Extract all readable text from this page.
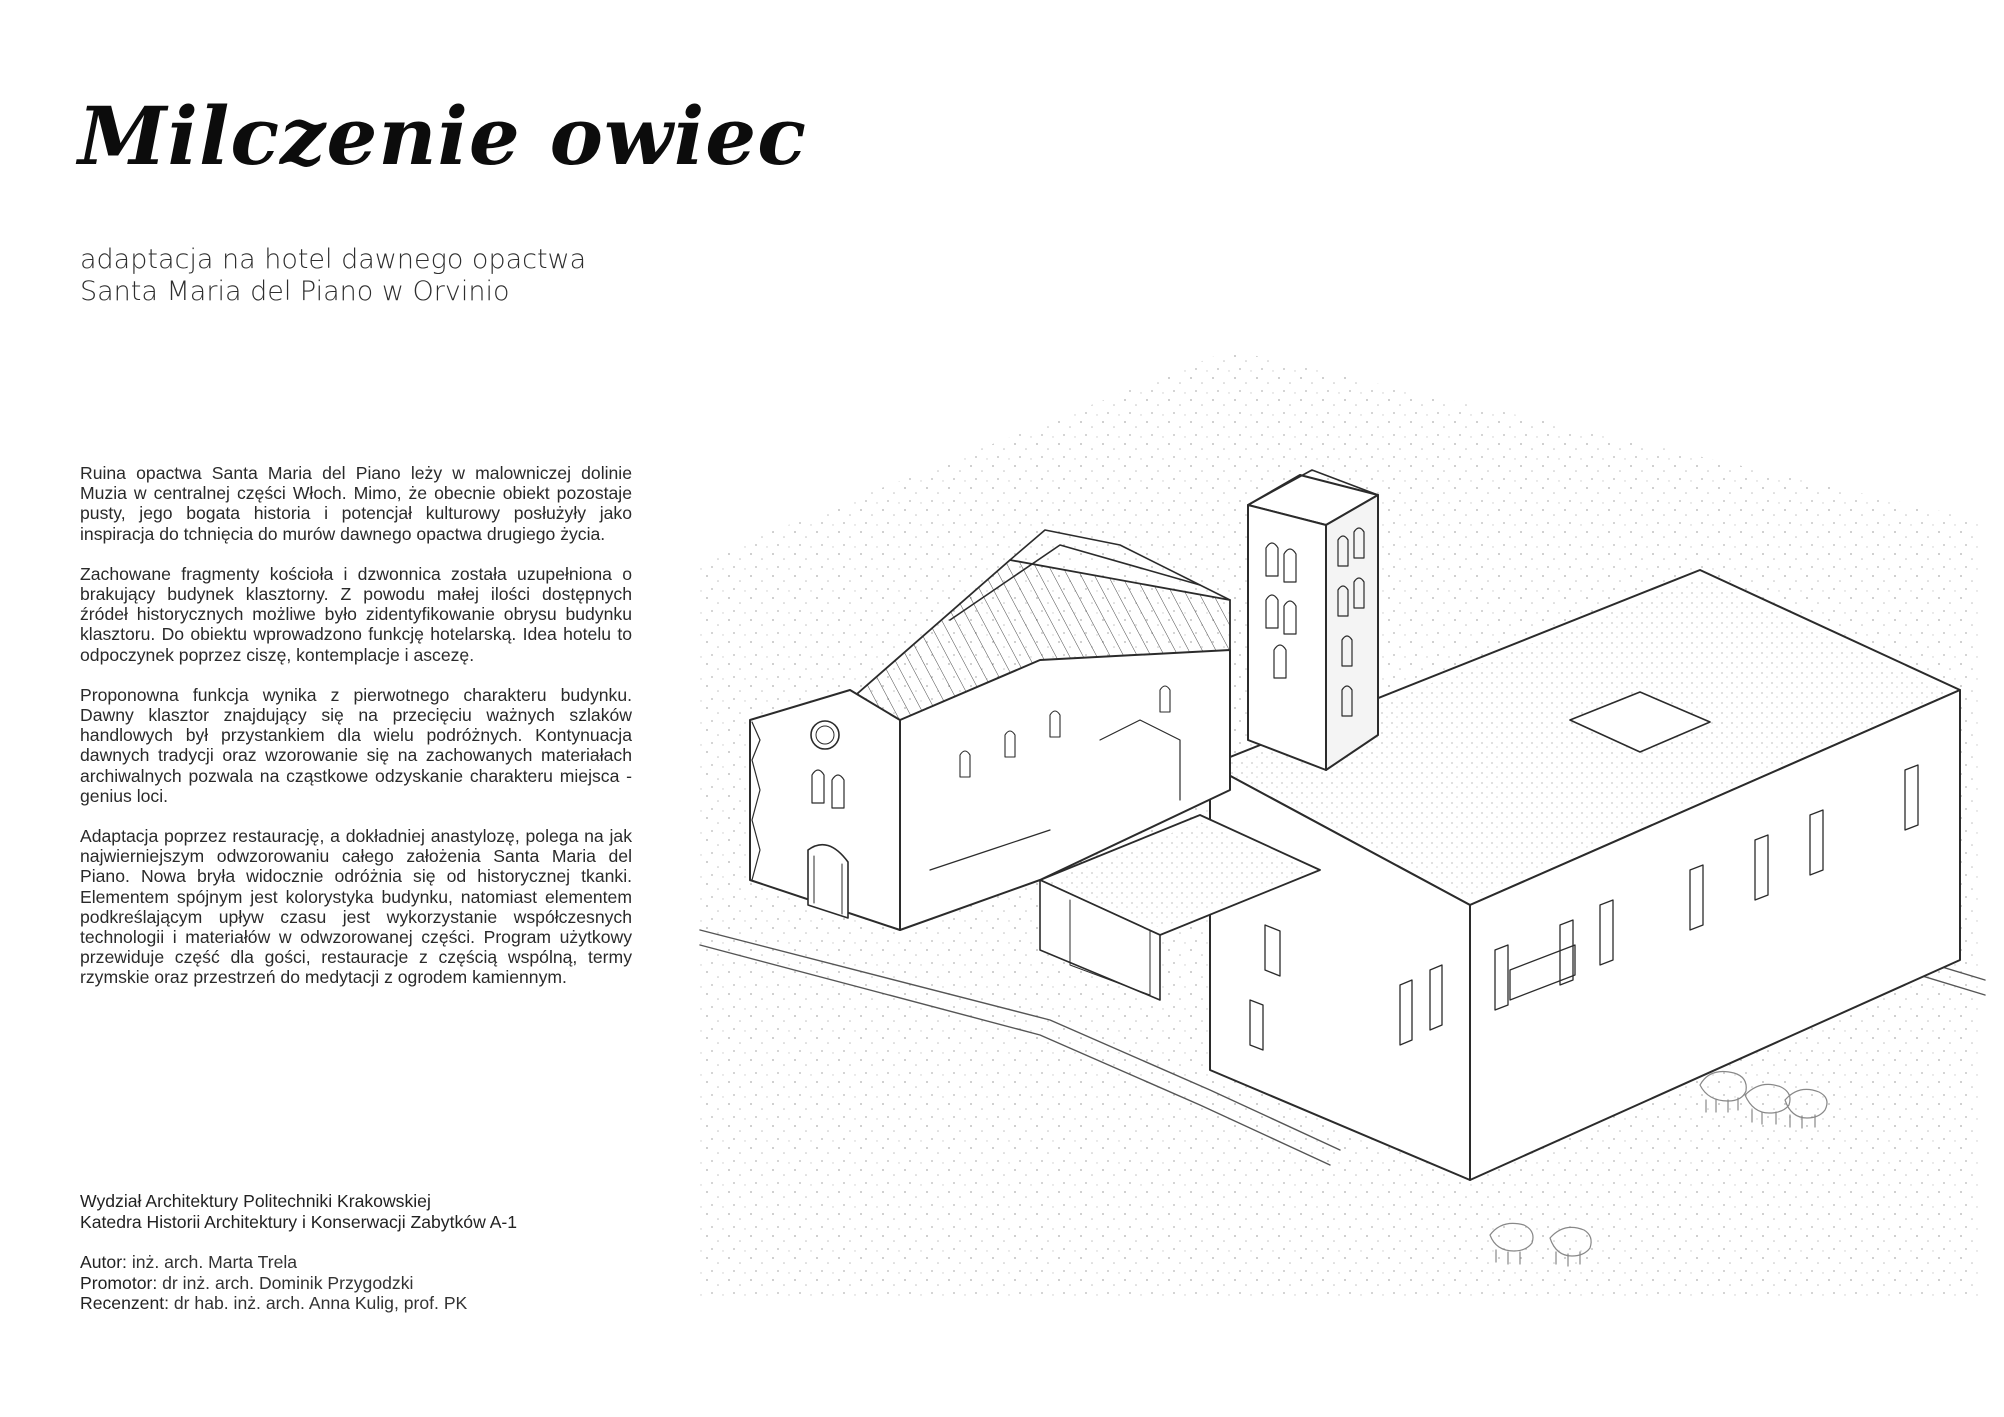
Milczenie owiec
adaptacja na hotel dawnego opactwa
Santa Maria del Piano w Orvinio

Ruina opactwa Santa Maria del Piano leży w malowniczej dolinie Muzia w centralnej części Włoch. Mimo, że obecnie obiekt pozostaje pusty, jego bogata historia i potencjał kulturowy posłużyły jako inspiracja do tchnięcia do murów dawnego opactwa drugiego życia.

Zachowane fragmenty kościoła i dzwonnica została uzupełniona o brakujący budynek klasztorny. Z powodu małej ilości dostępnych źródeł historycznych możliwe było zidentyfikowanie obrysu budynku klasztoru. Do obiektu wprowadzono funkcję hotelarską. Idea hotelu to odpoczynek poprzez ciszę, kontemplacje i ascezę.

Proponowna funkcja wynika z pierwotnego charakteru budynku. Dawny klasztor znajdujący się na przecięciu ważnych szlaków handlowych był przystankiem dla wielu podróżnych. Kontynuacja dawnych tradycji oraz wzorowanie się na zachowanych materiałach archiwalnych pozwala na cząstkowe odzyskanie charakteru miejsca - genius loci.

Adaptacja poprzez restaurację, a dokładniej anastylozę, polega na jak najwierniejszym odwzorowaniu całego założenia Santa Maria del Piano. Nowa bryła widocznie odróżnia się od historycznej tkanki. Elementem spójnym jest kolorystyka budynku, natomiast elementem podkreślającym upływ czasu jest wykorzystanie współczesnych technologii i materiałów w odwzorowanej części. Program użytkowy przewiduje część dla gości, restauracje z częścią wspólną, termy rzymskie oraz przestrzeń do medytacji z ogrodem kamiennym.

Wydział Architektury Politechniki Krakowskiej
Katedra Historii Architektury i Konserwacji Zabytków A-1
Autor: inż. arch. Marta Trela
Promotor: dr inż. arch. Dominik Przygodzki
Recenzent: dr hab. inż. arch. Anna Kulig, prof. PK
